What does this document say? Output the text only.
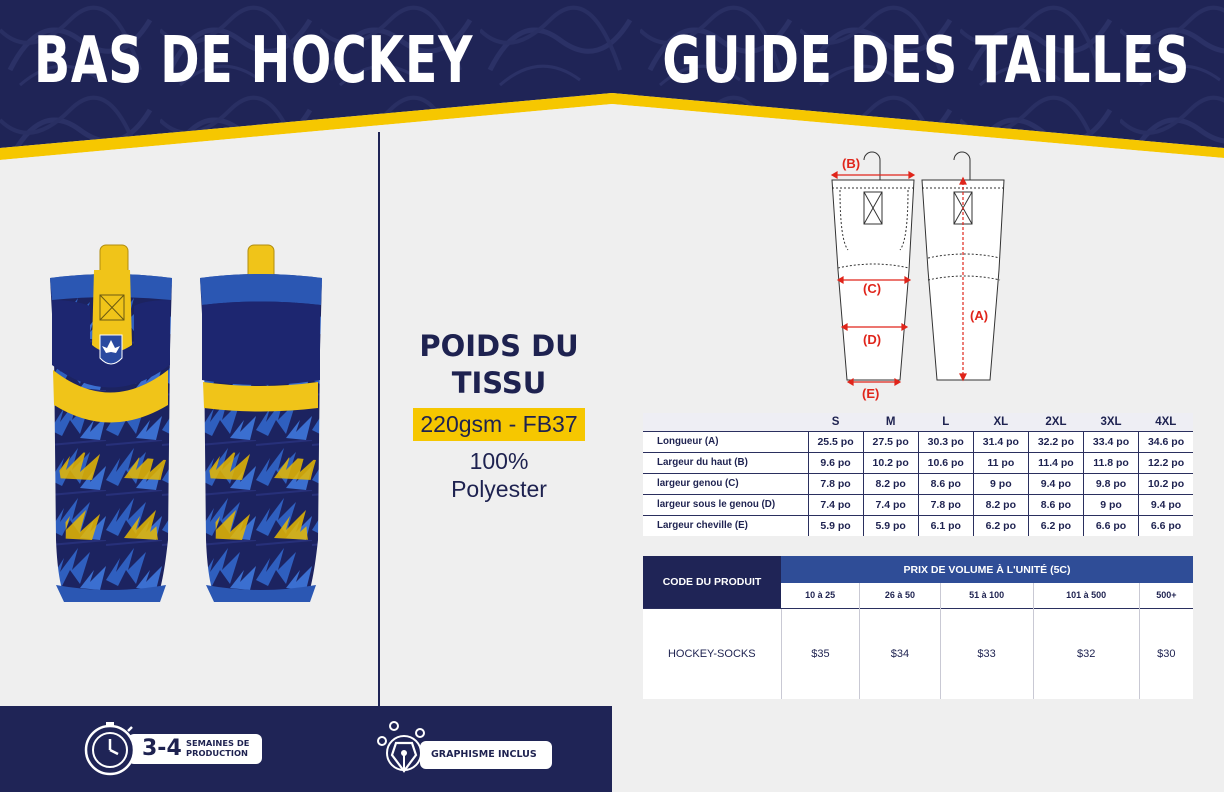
BAS DE HOCKEY	GUIDE DES TAILLES
POIDS DU TISSU
220gsm - FB37
100%
Polyester
(B)
(C)
(D)
(E)
(A)
	S	M	L	XL	2XL	3XL	4XL
Longueur (A)	25.5 po	27.5 po	30.3 po	31.4 po	32.2 po	33.4 po	34.6 po
Largeur du haut (B)	9.6 po	10.2 po	10.6 po	11 po	11.4 po	11.8 po	12.2 po
largeur genou (C)	7.8 po	8.2 po	8.6 po	9 po	9.4 po	9.8 po	10.2 po
largeur sous le genou (D)	7.4 po	7.4 po	7.8 po	8.2 po	8.6 po	9 po	9.4 po
Largeur cheville (E)	5.9 po	5.9 po	6.1 po	6.2 po	6.2 po	6.6 po	6.6 po
CODE DU PRODUIT	PRIX DE VOLUME À L'UNITÉ (5C)				
	10 à 25	26 à 50	51 à 100	101 à 500	500+
HOCKEY-SOCKS	$35	$34	$33	$32	$30
3-4 SEMAINES DE
PRODUCTION	GRAPHISME INCLUS
